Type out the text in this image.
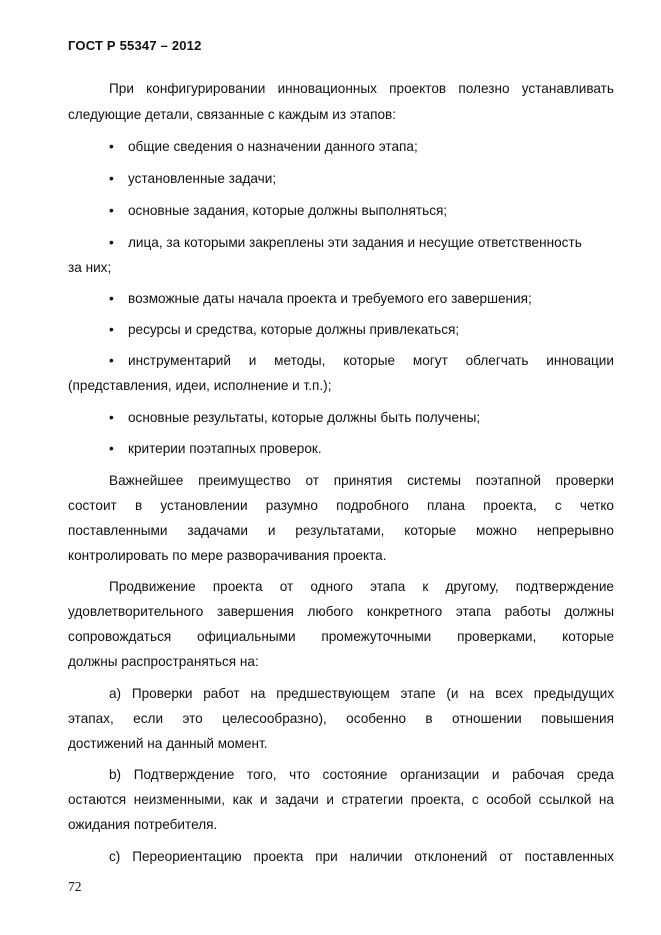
ГОСТ Р 55347 – 2012
При конфигурировании инновационных проектов полезно устанавливать
следующие детали, связанные с каждым из этапов:
• общие сведения о назначении данного этапа;
• установленные задачи;
• основные задания, которые должны выполняться;
• лица, за которыми закреплены эти задания и несущие ответственность
за них;
• возможные даты начала проекта и требуемого его завершения;
• ресурсы и средства, которые должны привлекаться;
• инструментарий и методы, которые могут облегчать инновации
(представления, идеи, исполнение и т.п.);
• основные результаты, которые должны быть получены;
• критерии поэтапных проверок.
Важнейшее преимущество от принятия системы поэтапной проверки
состоит в установлении разумно подробного плана проекта, с четко
поставленными задачами и результатами, которые можно непрерывно
контролировать по мере разворачивания проекта.
Продвижение проекта от одного этапа к другому, подтверждение
удовлетворительного завершения любого конкретного этапа работы должны
сопровождаться официальными промежуточными проверками, которые
должны распространяться на:
a) Проверки работ на предшествующем этапе (и на всех предыдущих
этапах, если это целесообразно), особенно в отношении повышения
достижений на данный момент.
b) Подтверждение того, что состояние организации и рабочая среда
остаются неизменными, как и задачи и стратегии проекта, с особой ссылкой на
ожидания потребителя.
c) Переориентацию проекта при наличии отклонений от поставленных
72
